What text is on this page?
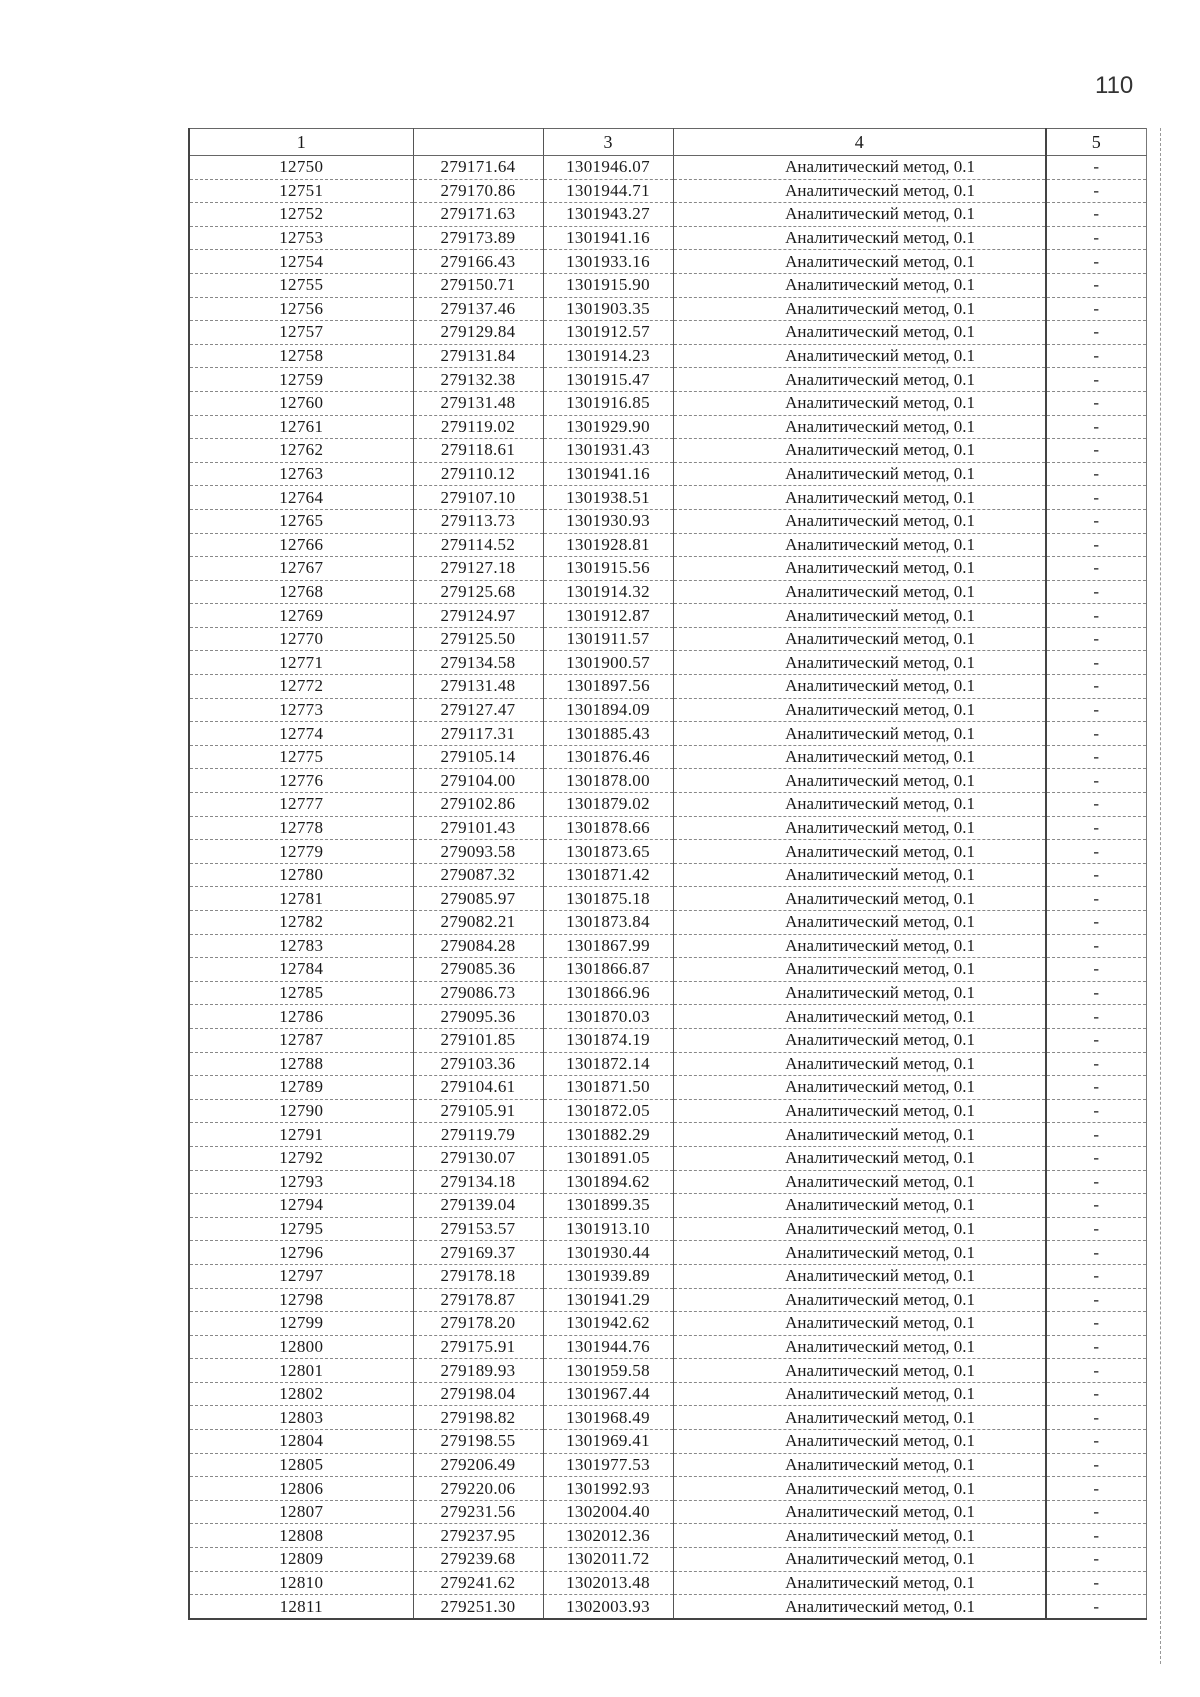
110
1		3	4	5
12750	279171.64	1301946.07	Аналитический метод, 0.1	-
12751	279170.86	1301944.71	Аналитический метод, 0.1	-
12752	279171.63	1301943.27	Аналитический метод, 0.1	-
12753	279173.89	1301941.16	Аналитический метод, 0.1	-
12754	279166.43	1301933.16	Аналитический метод, 0.1	-
12755	279150.71	1301915.90	Аналитический метод, 0.1	-
12756	279137.46	1301903.35	Аналитический метод, 0.1	-
12757	279129.84	1301912.57	Аналитический метод, 0.1	-
12758	279131.84	1301914.23	Аналитический метод, 0.1	-
12759	279132.38	1301915.47	Аналитический метод, 0.1	-
12760	279131.48	1301916.85	Аналитический метод, 0.1	-
12761	279119.02	1301929.90	Аналитический метод, 0.1	-
12762	279118.61	1301931.43	Аналитический метод, 0.1	-
12763	279110.12	1301941.16	Аналитический метод, 0.1	-
12764	279107.10	1301938.51	Аналитический метод, 0.1	-
12765	279113.73	1301930.93	Аналитический метод, 0.1	-
12766	279114.52	1301928.81	Аналитический метод, 0.1	-
12767	279127.18	1301915.56	Аналитический метод, 0.1	-
12768	279125.68	1301914.32	Аналитический метод, 0.1	-
12769	279124.97	1301912.87	Аналитический метод, 0.1	-
12770	279125.50	1301911.57	Аналитический метод, 0.1	-
12771	279134.58	1301900.57	Аналитический метод, 0.1	-
12772	279131.48	1301897.56	Аналитический метод, 0.1	-
12773	279127.47	1301894.09	Аналитический метод, 0.1	-
12774	279117.31	1301885.43	Аналитический метод, 0.1	-
12775	279105.14	1301876.46	Аналитический метод, 0.1	-
12776	279104.00	1301878.00	Аналитический метод, 0.1	-
12777	279102.86	1301879.02	Аналитический метод, 0.1	-
12778	279101.43	1301878.66	Аналитический метод, 0.1	-
12779	279093.58	1301873.65	Аналитический метод, 0.1	-
12780	279087.32	1301871.42	Аналитический метод, 0.1	-
12781	279085.97	1301875.18	Аналитический метод, 0.1	-
12782	279082.21	1301873.84	Аналитический метод, 0.1	-
12783	279084.28	1301867.99	Аналитический метод, 0.1	-
12784	279085.36	1301866.87	Аналитический метод, 0.1	-
12785	279086.73	1301866.96	Аналитический метод, 0.1	-
12786	279095.36	1301870.03	Аналитический метод, 0.1	-
12787	279101.85	1301874.19	Аналитический метод, 0.1	-
12788	279103.36	1301872.14	Аналитический метод, 0.1	-
12789	279104.61	1301871.50	Аналитический метод, 0.1	-
12790	279105.91	1301872.05	Аналитический метод, 0.1	-
12791	279119.79	1301882.29	Аналитический метод, 0.1	-
12792	279130.07	1301891.05	Аналитический метод, 0.1	-
12793	279134.18	1301894.62	Аналитический метод, 0.1	-
12794	279139.04	1301899.35	Аналитический метод, 0.1	-
12795	279153.57	1301913.10	Аналитический метод, 0.1	-
12796	279169.37	1301930.44	Аналитический метод, 0.1	-
12797	279178.18	1301939.89	Аналитический метод, 0.1	-
12798	279178.87	1301941.29	Аналитический метод, 0.1	-
12799	279178.20	1301942.62	Аналитический метод, 0.1	-
12800	279175.91	1301944.76	Аналитический метод, 0.1	-
12801	279189.93	1301959.58	Аналитический метод, 0.1	-
12802	279198.04	1301967.44	Аналитический метод, 0.1	-
12803	279198.82	1301968.49	Аналитический метод, 0.1	-
12804	279198.55	1301969.41	Аналитический метод, 0.1	-
12805	279206.49	1301977.53	Аналитический метод, 0.1	-
12806	279220.06	1301992.93	Аналитический метод, 0.1	-
12807	279231.56	1302004.40	Аналитический метод, 0.1	-
12808	279237.95	1302012.36	Аналитический метод, 0.1	-
12809	279239.68	1302011.72	Аналитический метод, 0.1	-
12810	279241.62	1302013.48	Аналитический метод, 0.1	-
12811	279251.30	1302003.93	Аналитический метод, 0.1	-
